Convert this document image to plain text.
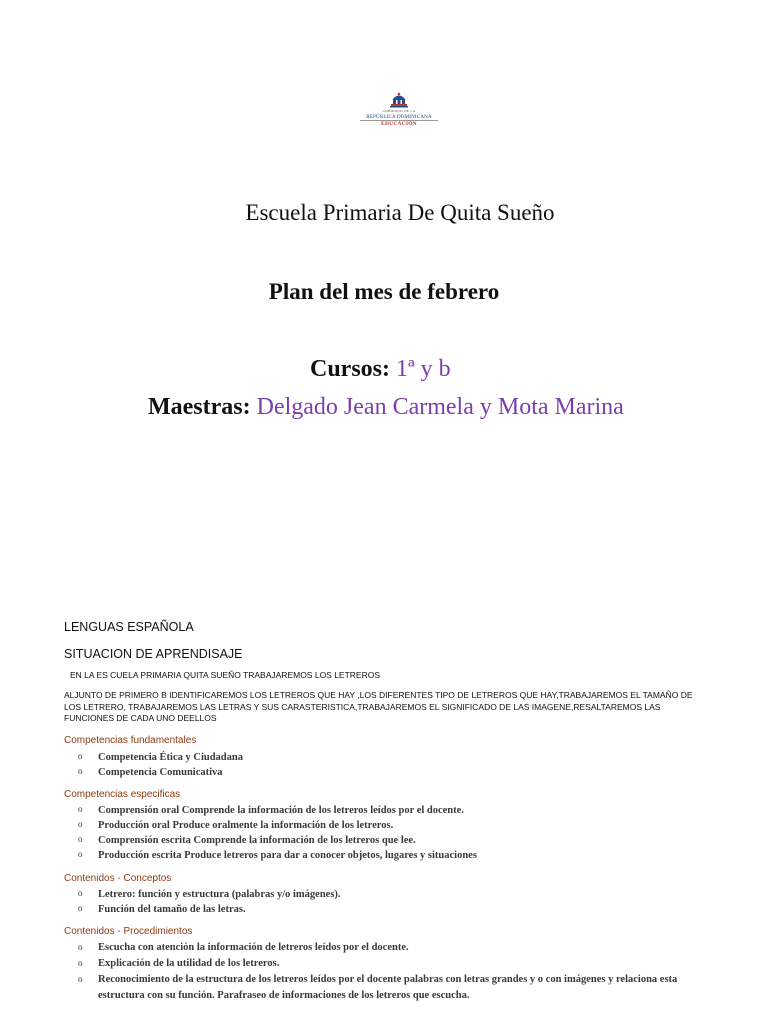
GOBIERNO DE LA
REPÚBLICA DOMINICANA
EDUCACIÓN
Escuela Primaria De Quita Sueño
Plan del mes de febrero
Cursos: 1ª y b
Maestras: Delgado Jean Carmela y Mota Marina
LENGUAS ESPAÑOLA
SITUACION DE APRENDISAJE
EN LA ES CUELA PRIMARIA QUITA SUEÑO TRABAJAREMOS LOS LETREROS
ALJUNTO DE PRIMERO B IDENTIFICAREMOS LOS LETREROS QUE HAY ,LOS DIFERENTES TIPO DE LETREROS QUE HAY,TRABAJAREMOS EL TAMAÑO DE LOS LETRERO, TRABAJAREMOS LAS LETRAS Y SUS CARASTERISTICA,TRABAJAREMOS EL SIGNIFICADO DE LAS IMAGENE,RESALTAREMOS LAS FUNCIONES DE CADA UNO DEELLOS
Competencias fundamentales
o Competencia Ética y Ciudadana
o Competencia Comunicativa
Competencias especificas
o Comprensión oral Comprende la información de los letreros leídos por el docente.
o Producción oral Produce oralmente la información de los letreros.
o Comprensión escrita Comprende la información de los letreros que lee.
o Producción escrita Produce letreros para dar a conocer objetos, lugares y situaciones
Contenidos - Conceptos
o Letrero: función y estructura (palabras y/o imágenes).
o Función del tamaño de las letras.
Contenidos - Procedimientos
o Escucha con atención la información de letreros leídos por el docente.
o Explicación de la utilidad de los letreros.
o Reconocimiento de la estructura de los letreros leídos por el docente palabras con letras grandes y o con imágenes y relaciona esta estructura con su función. Parafraseo de informaciones de los letreros que escucha.
